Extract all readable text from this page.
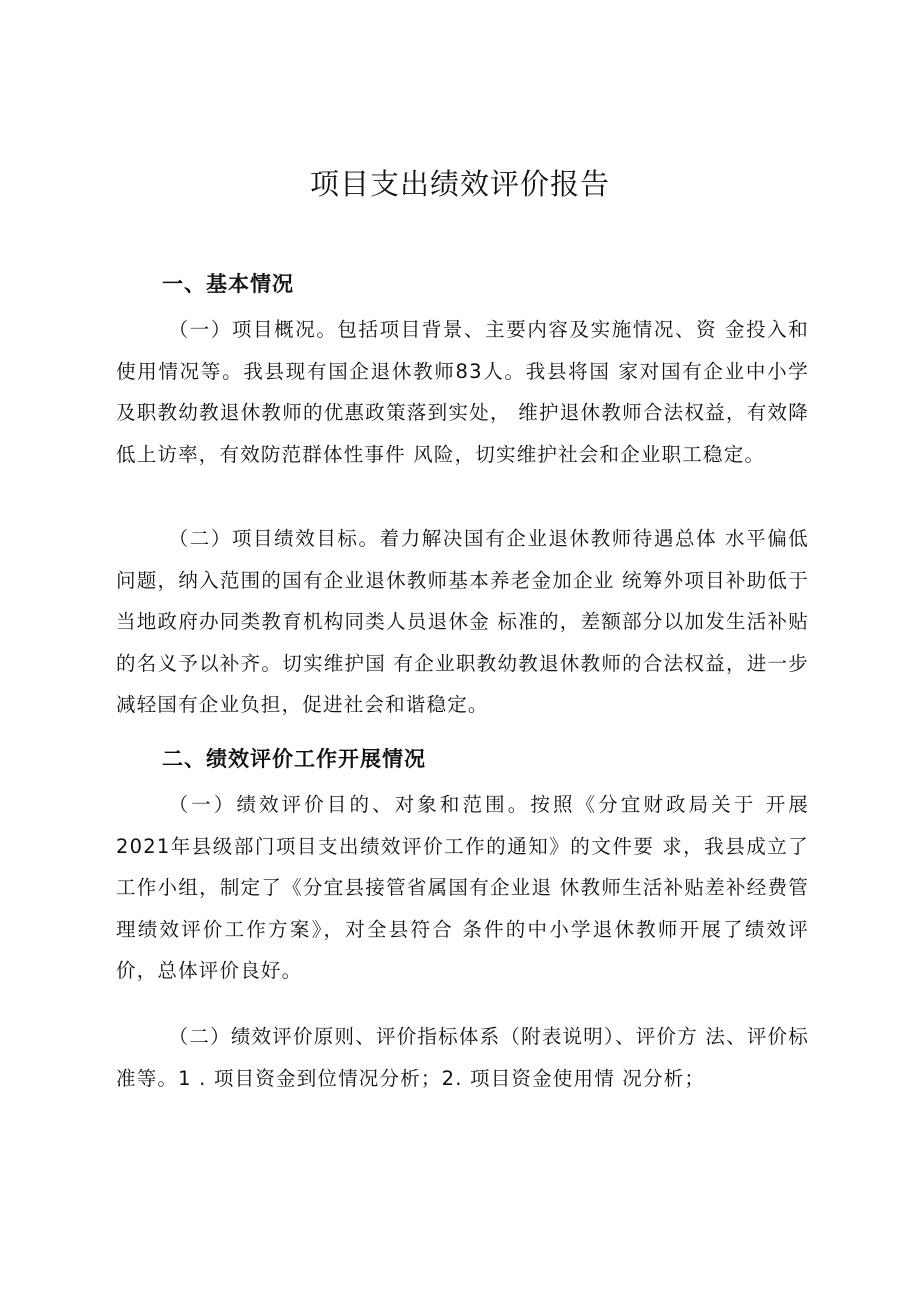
项目支出绩效评价报告
一、基本情况

（一）项目概况。包括项目背景、主要内容及实施情况、资 金投入和使用情况等。我县现有国企退休教师83人。我县将国 家对国有企业中小学及职教幼教退休教师的优惠政策落到实处， 维护退休教师合法权益，有效降低上访率，有效防范群体性事件 风险，切实维护社会和企业职工稳定。

（二）项目绩效目标。着力解决国有企业退休教师待遇总体 水平偏低问题，纳入范围的国有企业退休教师基本养老金加企业 统筹外项目补助低于当地政府办同类教育机构同类人员退休金 标准的，差额部分以加发生活补贴的名义予以补齐。切实维护国 有企业职教幼教退休教师的合法权益，进一步减轻国有企业负担，促进社会和谐稳定。

二、绩效评价工作开展情况

（一）绩效评价目的、对象和范围。按照《分宜财政局关于 开展2021年县级部门项目支出绩效评价工作的通知》的文件要 求，我县成立了工作小组，制定了《分宜县接管省属国有企业退 休教师生活补贴差补经费管理绩效评价工作方案》，对全县符合 条件的中小学退休教师开展了绩效评价，总体评价良好。

（二）绩效评价原则、评价指标体系（附表说明）、评价方 法、评价标准等。1 . 项目资金到位情况分析；2. 项目资金使用情 况分析；
